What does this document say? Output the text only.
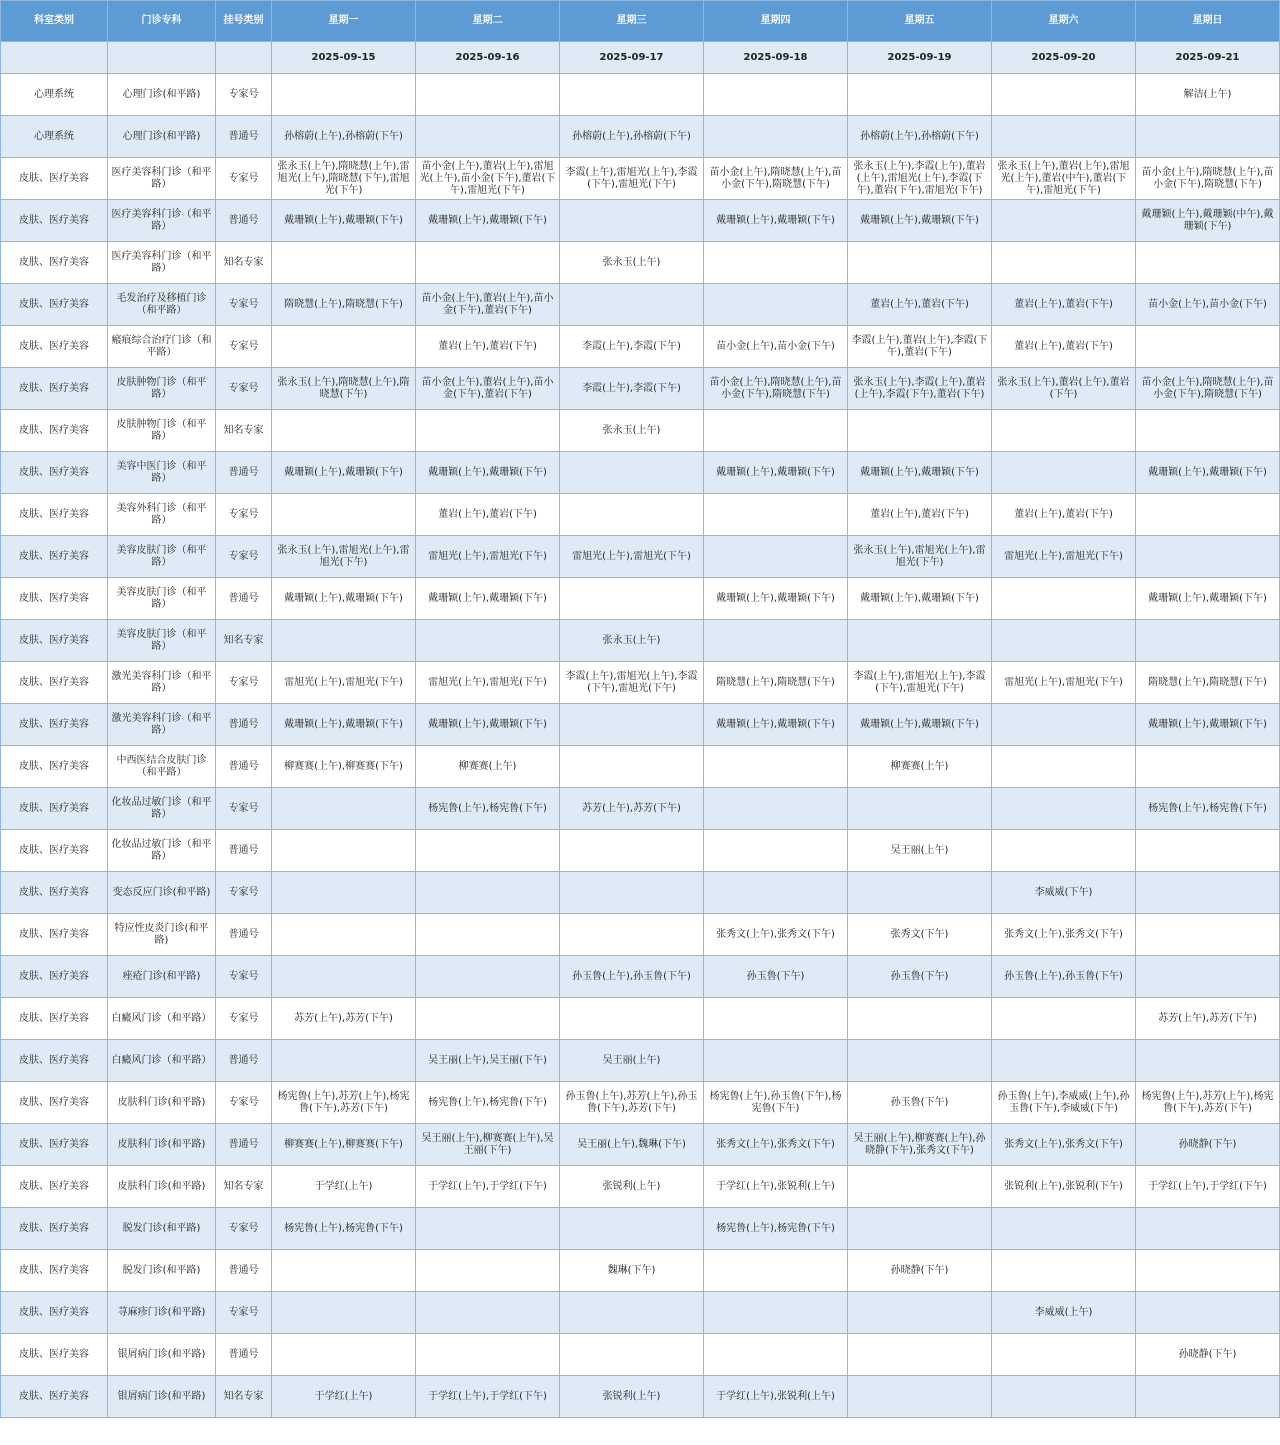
科室类别	门诊专科	挂号类别	星期一	星期二	星期三	星期四	星期五	星期六	星期日
			2025-09-15	2025-09-16	2025-09-17	2025-09-18	2025-09-19	2025-09-20	2025-09-21
心理系统	心理门诊(和平路)	专家号							解洁(上午)
心理系统	心理门诊(和平路)	普通号	孙榕蔚(上午),孙榕蔚(下午)		孙榕蔚(上午),孙榕蔚(下午)		孙榕蔚(上午),孙榕蔚(下午)		
皮肤、医疗美容	医疗美容科门诊（和平路）	专家号	张永玉(上午),隋晓慧(上午),雷旭光(上午),隋晓慧(下午),雷旭光(下午)	苗小金(上午),董岩(上午),雷旭光(上午),苗小金(下午),董岩(下午),雷旭光(下午)	李霞(上午),雷旭光(上午),李霞(下午),雷旭光(下午)	苗小金(上午),隋晓慧(上午),苗小金(下午),隋晓慧(下午)	张永玉(上午),李霞(上午),董岩(上午),雷旭光(上午),李霞(下午),董岩(下午),雷旭光(下午)	张永玉(上午),董岩(上午),雷旭光(上午),董岩(中午),董岩(下午),雷旭光(下午)	苗小金(上午),隋晓慧(上午),苗小金(下午),隋晓慧(下午)
皮肤、医疗美容	医疗美容科门诊（和平路）	普通号	戴珊颖(上午),戴珊颖(下午)	戴珊颖(上午),戴珊颖(下午)		戴珊颖(上午),戴珊颖(下午)	戴珊颖(上午),戴珊颖(下午)		戴珊颖(上午),戴珊颖(中午),戴珊颖(下午)
皮肤、医疗美容	医疗美容科门诊（和平路）	知名专家			张永玉(上午)				
皮肤、医疗美容	毛发治疗及移植门诊（和平路）	专家号	隋晓慧(上午),隋晓慧(下午)	苗小金(上午),董岩(上午),苗小金(下午),董岩(下午)			董岩(上午),董岩(下午)	董岩(上午),董岩(下午)	苗小金(上午),苗小金(下午)
皮肤、医疗美容	瘢痕综合治疗门诊（和平路）	专家号		董岩(上午),董岩(下午)	李霞(上午),李霞(下午)	苗小金(上午),苗小金(下午)	李霞(上午),董岩(上午),李霞(下午),董岩(下午)	董岩(上午),董岩(下午)	
皮肤、医疗美容	皮肤肿物门诊（和平路）	专家号	张永玉(上午),隋晓慧(上午),隋晓慧(下午)	苗小金(上午),董岩(上午),苗小金(下午),董岩(下午)	李霞(上午),李霞(下午)	苗小金(上午),隋晓慧(上午),苗小金(下午),隋晓慧(下午)	张永玉(上午),李霞(上午),董岩(上午),李霞(下午),董岩(下午)	张永玉(上午),董岩(上午),董岩(下午)	苗小金(上午),隋晓慧(上午),苗小金(下午),隋晓慧(下午)
皮肤、医疗美容	皮肤肿物门诊（和平路）	知名专家			张永玉(上午)				
皮肤、医疗美容	美容中医门诊（和平路）	普通号	戴珊颖(上午),戴珊颖(下午)	戴珊颖(上午),戴珊颖(下午)		戴珊颖(上午),戴珊颖(下午)	戴珊颖(上午),戴珊颖(下午)		戴珊颖(上午),戴珊颖(下午)
皮肤、医疗美容	美容外科门诊（和平路）	专家号		董岩(上午),董岩(下午)			董岩(上午),董岩(下午)	董岩(上午),董岩(下午)	
皮肤、医疗美容	美容皮肤门诊（和平路）	专家号	张永玉(上午),雷旭光(上午),雷旭光(下午)	雷旭光(上午),雷旭光(下午)	雷旭光(上午),雷旭光(下午)		张永玉(上午),雷旭光(上午),雷旭光(下午)	雷旭光(上午),雷旭光(下午)	
皮肤、医疗美容	美容皮肤门诊（和平路）	普通号	戴珊颖(上午),戴珊颖(下午)	戴珊颖(上午),戴珊颖(下午)		戴珊颖(上午),戴珊颖(下午)	戴珊颖(上午),戴珊颖(下午)		戴珊颖(上午),戴珊颖(下午)
皮肤、医疗美容	美容皮肤门诊（和平路）	知名专家			张永玉(上午)				
皮肤、医疗美容	激光美容科门诊（和平路）	专家号	雷旭光(上午),雷旭光(下午)	雷旭光(上午),雷旭光(下午)	李霞(上午),雷旭光(上午),李霞(下午),雷旭光(下午)	隋晓慧(上午),隋晓慧(下午)	李霞(上午),雷旭光(上午),李霞(下午),雷旭光(下午)	雷旭光(上午),雷旭光(下午)	隋晓慧(上午),隋晓慧(下午)
皮肤、医疗美容	激光美容科门诊（和平路）	普通号	戴珊颖(上午),戴珊颖(下午)	戴珊颖(上午),戴珊颖(下午)		戴珊颖(上午),戴珊颖(下午)	戴珊颖(上午),戴珊颖(下午)		戴珊颖(上午),戴珊颖(下午)
皮肤、医疗美容	中西医结合皮肤门诊（和平路）	普通号	柳赛赛(上午),柳赛赛(下午)	柳赛赛(上午)			柳赛赛(上午)		
皮肤、医疗美容	化妆品过敏门诊（和平路）	专家号		杨宪鲁(上午),杨宪鲁(下午)	苏芳(上午),苏芳(下午)				杨宪鲁(上午),杨宪鲁(下午)
皮肤、医疗美容	化妆品过敏门诊（和平路）	普通号					吴王丽(上午)		
皮肤、医疗美容	变态反应门诊(和平路)	专家号						李威威(下午)	
皮肤、医疗美容	特应性皮炎门诊(和平路)	普通号				张秀文(上午),张秀文(下午)	张秀文(下午)	张秀文(上午),张秀文(下午)	
皮肤、医疗美容	痤疮门诊(和平路)	专家号			孙玉鲁(上午),孙玉鲁(下午)	孙玉鲁(下午)	孙玉鲁(下午)	孙玉鲁(上午),孙玉鲁(下午)	
皮肤、医疗美容	白癜风门诊（和平路）	专家号	苏芳(上午),苏芳(下午)						苏芳(上午),苏芳(下午)
皮肤、医疗美容	白癜风门诊（和平路）	普通号		吴王丽(上午),吴王丽(下午)	吴王丽(上午)				
皮肤、医疗美容	皮肤科门诊(和平路)	专家号	杨宪鲁(上午),苏芳(上午),杨宪鲁(下午),苏芳(下午)	杨宪鲁(上午),杨宪鲁(下午)	孙玉鲁(上午),苏芳(上午),孙玉鲁(下午),苏芳(下午)	杨宪鲁(上午),孙玉鲁(下午),杨宪鲁(下午)	孙玉鲁(下午)	孙玉鲁(上午),李威威(上午),孙玉鲁(下午),李威威(下午)	杨宪鲁(上午),苏芳(上午),杨宪鲁(下午),苏芳(下午)
皮肤、医疗美容	皮肤科门诊(和平路)	普通号	柳赛赛(上午),柳赛赛(下午)	吴王丽(上午),柳赛赛(上午),吴王丽(下午)	吴王丽(上午),魏琳(下午)	张秀文(上午),张秀文(下午)	吴王丽(上午),柳赛赛(上午),孙晓静(下午),张秀文(下午)	张秀文(上午),张秀文(下午)	孙晓静(下午)
皮肤、医疗美容	皮肤科门诊(和平路)	知名专家	于学红(上午)	于学红(上午),于学红(下午)	张锐利(上午)	于学红(上午),张锐利(上午)		张锐利(上午),张锐利(下午)	于学红(上午),于学红(下午)
皮肤、医疗美容	脱发门诊(和平路)	专家号	杨宪鲁(上午),杨宪鲁(下午)			杨宪鲁(上午),杨宪鲁(下午)			
皮肤、医疗美容	脱发门诊(和平路)	普通号			魏琳(下午)		孙晓静(下午)		
皮肤、医疗美容	荨麻疹门诊(和平路)	专家号						李威威(上午)	
皮肤、医疗美容	银屑病门诊(和平路)	普通号							孙晓静(下午)
皮肤、医疗美容	银屑病门诊(和平路)	知名专家	于学红(上午)	于学红(上午),于学红(下午)	张锐利(上午)	于学红(上午),张锐利(上午)			
